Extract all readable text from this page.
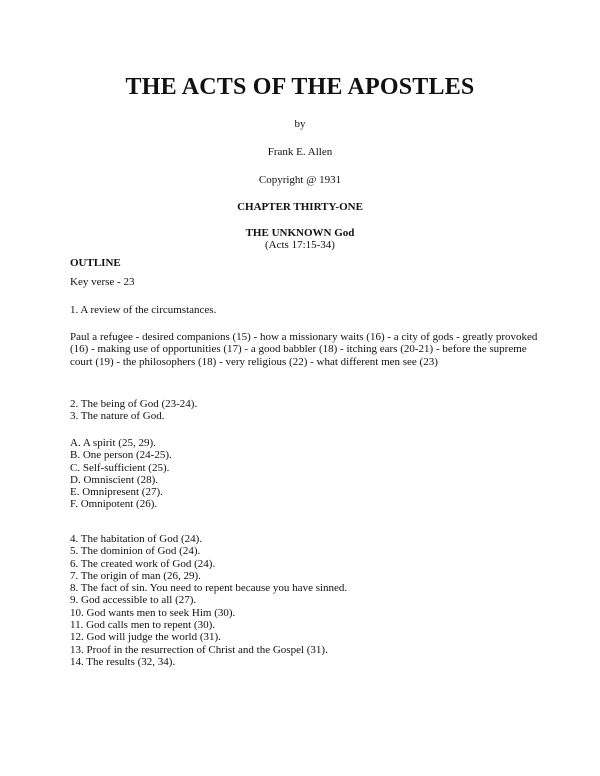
THE ACTS OF THE APOSTLES

by

Frank E. Allen

Copyright @ 1931

CHAPTER THIRTY-ONE

THE UNKNOWN God

(Acts 17:15-34)

OUTLINE

Key verse - 23

1. A review of the circumstances.

Paul a refugee - desired companions (15) - how a missionary waits (16) - a city of gods - greatly provoked (16) - making use of opportunities (17) - a good babbler (18) - itching ears (20-21) - before the supreme court (19) - the philosophers (18) - very religious (22) - what different men see (23)

2. The being of God (23-24).
3. The nature of God.
A. A spirit (25, 29).
B. One person (24-25).
C. Self-sufficient (25).
D. Omniscient (28).
E. Omnipresent (27).
F. Omnipotent (26).
4. The habitation of God (24).
5. The dominion of God (24).
6. The created work of God (24).
7. The origin of man (26, 29).
8. The fact of sin. You need to repent because you have sinned.
9. God accessible to all (27).
10. God wants men to seek Him (30).
11. God calls men to repent (30).
12. God will judge the world (31).
13. Proof in the resurrection of Christ and the Gospel (31).
14. The results (32, 34).
